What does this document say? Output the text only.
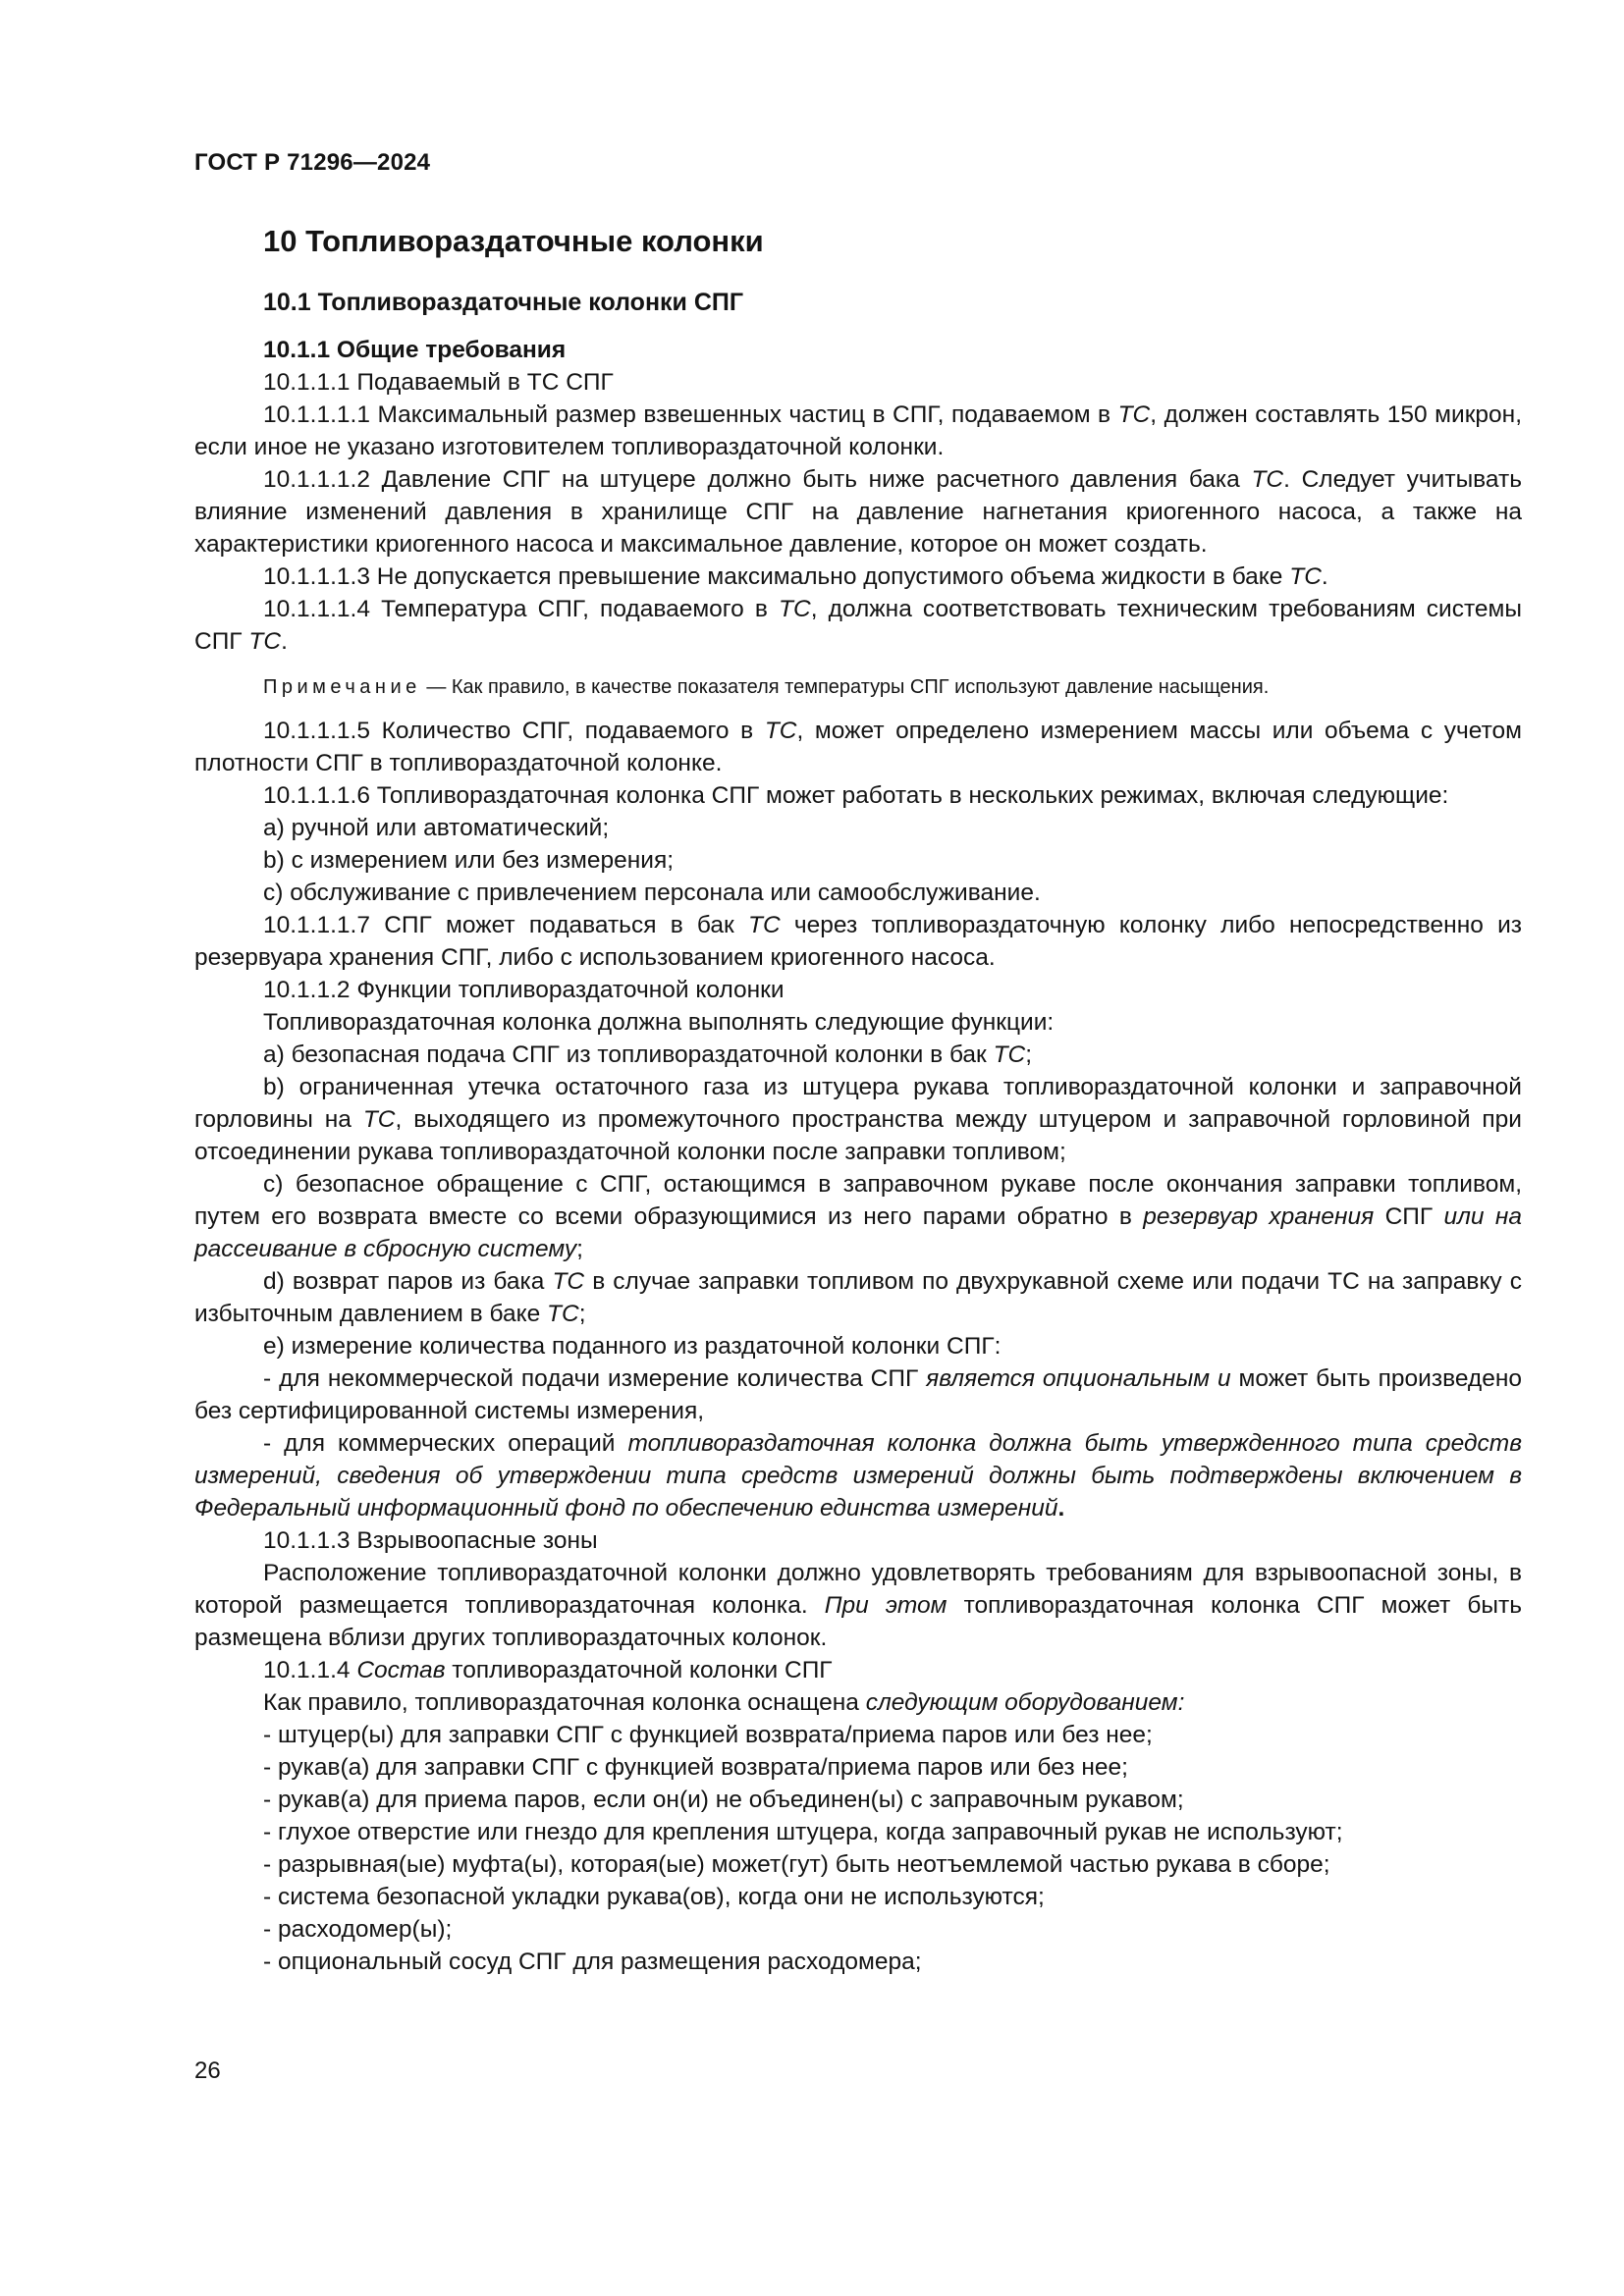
ГОСТ Р 71296—2024
10 Топливораздаточные колонки
10.1 Топливораздаточные колонки СПГ

10.1.1 Общие требования

10.1.1.1 Подаваемый в ТС СПГ

10.1.1.1.1 Максимальный размер взвешенных частиц в СПГ, подаваемом в ТС, должен составлять 150 микрон, если иное не указано изготовителем топливораздаточной колонки.

10.1.1.1.2 Давление СПГ на штуцере должно быть ниже расчетного давления бака ТС. Следует учитывать влияние изменений давления в хранилище СПГ на давление нагнетания криогенного насоса, а также на характеристики криогенного насоса и максимальное давление, которое он может создать.

10.1.1.1.3 Не допускается превышение максимально допустимого объема жидкости в баке ТС.

10.1.1.1.4 Температура СПГ, подаваемого в ТС, должна соответствовать техническим требованиям системы СПГ ТС.

Примечание — Как правило, в качестве показателя температуры СПГ используют давление насыщения.

10.1.1.1.5 Количество СПГ, подаваемого в ТС, может определено измерением массы или объема с учетом плотности СПГ в топливораздаточной колонке.

10.1.1.1.6 Топливораздаточная колонка СПГ может работать в нескольких режимах, включая следующие:

a) ручной или автоматический;

b) с измерением или без измерения;

c) обслуживание с привлечением персонала или самообслуживание.

10.1.1.1.7 СПГ может подаваться в бак ТС через топливораздаточную колонку либо непосредственно из резервуара хранения СПГ, либо с использованием криогенного насоса.

10.1.1.2 Функции топливораздаточной колонки

Топливораздаточная колонка должна выполнять следующие функции:

a) безопасная подача СПГ из топливораздаточной колонки в бак ТС;

b) ограниченная утечка остаточного газа из штуцера рукава топливораздаточной колонки и заправочной горловины на ТС, выходящего из промежуточного пространства между штуцером и заправочной горловиной при отсоединении рукава топливораздаточной колонки после заправки топливом;

c) безопасное обращение с СПГ, остающимся в заправочном рукаве после окончания заправки топливом, путем его возврата вместе со всеми образующимися из него парами обратно в резервуар хранения СПГ или на рассеивание в сбросную систему;

d) возврат паров из бака ТС в случае заправки топливом по двухрукавной схеме или подачи ТС на заправку с избыточным давлением в баке ТС;

e) измерение количества поданного из раздаточной колонки СПГ:

- для некоммерческой подачи измерение количества СПГ является опциональным и может быть произведено без сертифицированной системы измерения,

- для коммерческих операций топливораздаточная колонка должна быть утвержденного типа средств измерений, сведения об утверждении типа средств измерений должны быть подтверждены включением в Федеральный информационный фонд по обеспечению единства измерений.

10.1.1.3 Взрывоопасные зоны

Расположение топливораздаточной колонки должно удовлетворять требованиям для взрывоопасной зоны, в которой размещается топливораздаточная колонка. При этом топливораздаточная колонка СПГ может быть размещена вблизи других топливораздаточных колонок.

10.1.1.4 Состав топливораздаточной колонки СПГ

Как правило, топливораздаточная колонка оснащена следующим оборудованием:

- штуцер(ы) для заправки СПГ с функцией возврата/приема паров или без нее;

- рукав(а) для заправки СПГ с функцией возврата/приема паров или без нее;

- рукав(а) для приема паров, если он(и) не объединен(ы) с заправочным рукавом;

- глухое отверстие или гнездо для крепления штуцера, когда заправочный рукав не используют;

- разрывная(ые) муфта(ы), которая(ые) может(гут) быть неотъемлемой частью рукава в сборе;

- система безопасной укладки рукава(ов), когда они не используются;

- расходомер(ы);

- опциональный сосуд СПГ для размещения расходомера;

26
